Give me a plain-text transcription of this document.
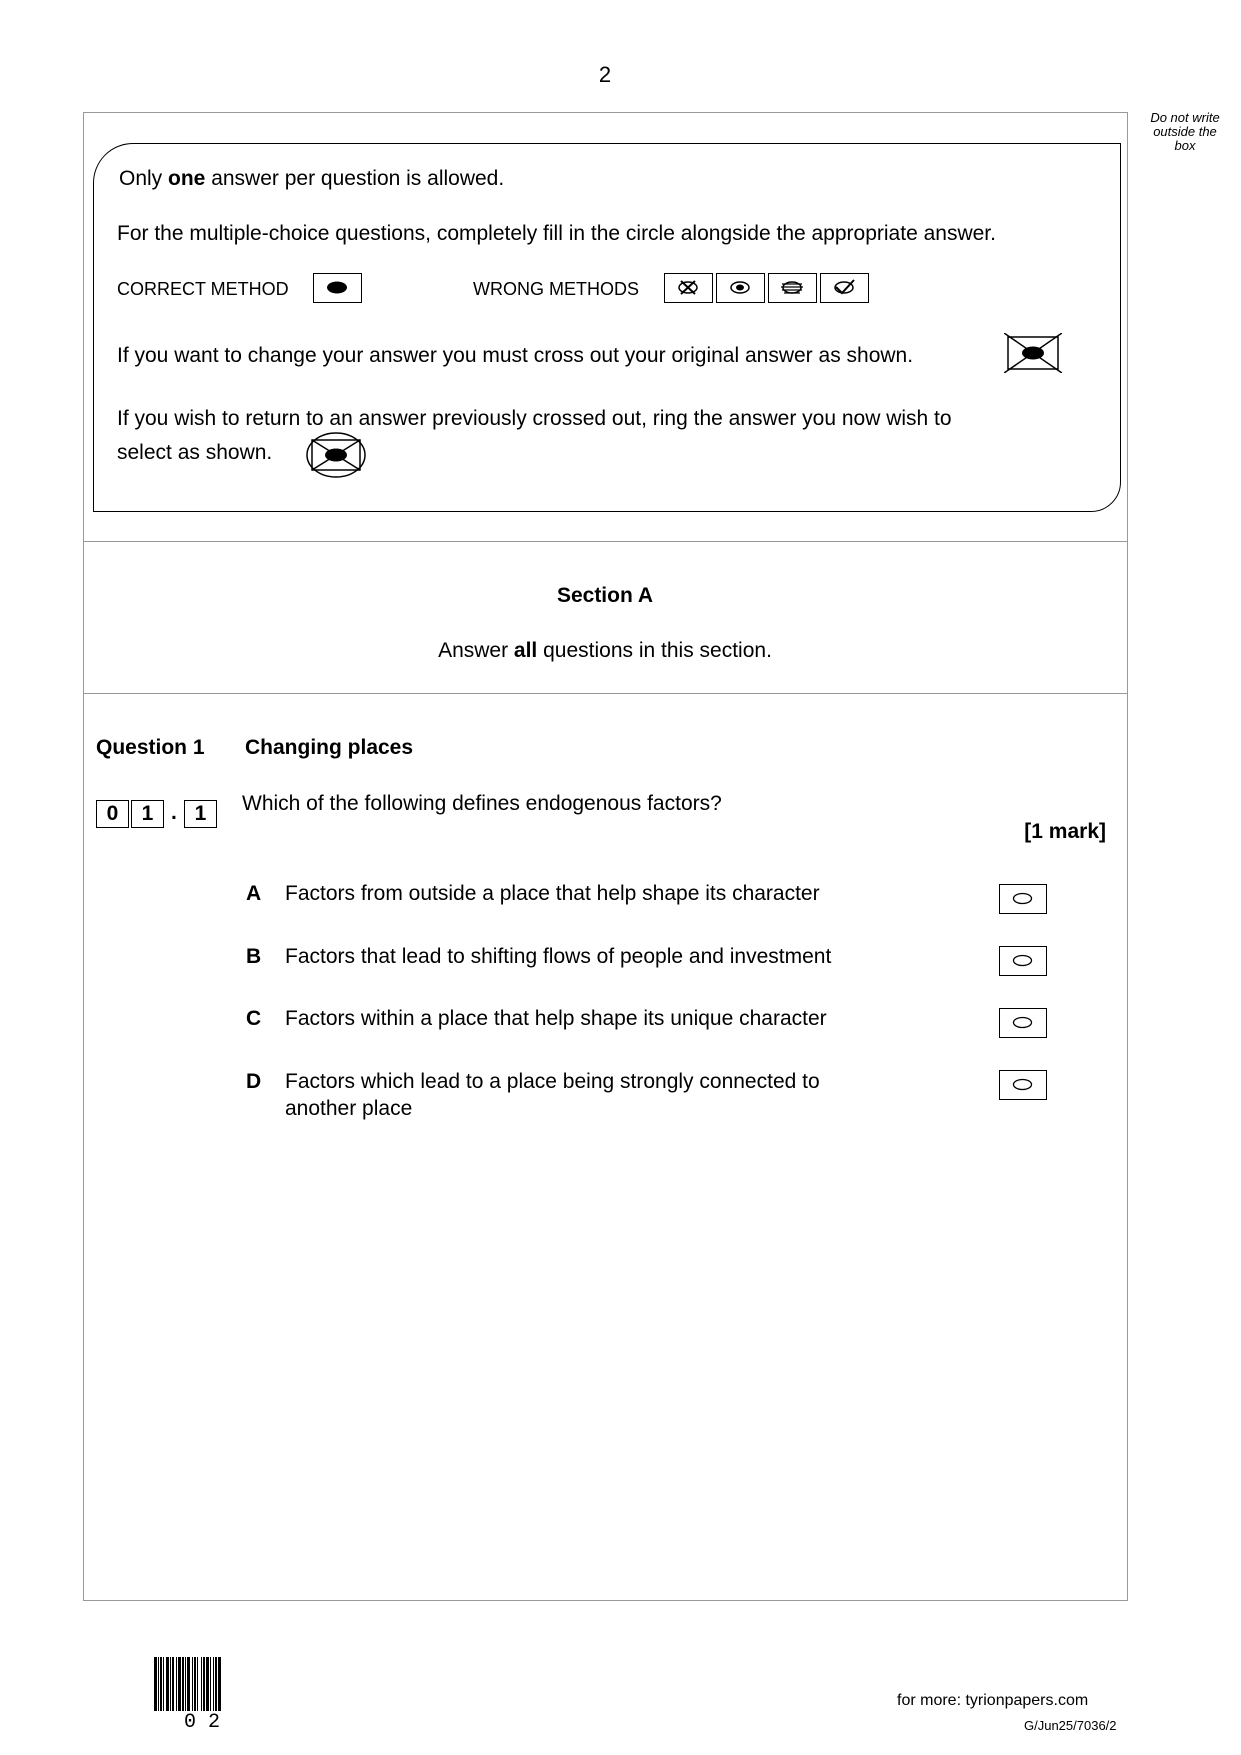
2
Do not write
outside the
box
Only one answer per question is allowed.
For the multiple-choice questions, completely fill in the circle alongside the appropriate answer.
CORRECT METHOD	WRONG METHODS
If you want to change your answer you must cross out your original answer as shown.
If you wish to return to an answer previously crossed out, ring the answer you now wish to
select as shown.
Section A
Answer all questions in this section.
Question 1 Changing places
0	1 . 1	Which of the following defines endogenous factors?
[1 mark]
A Factors from outside a place that help shape its character
B Factors that lead to shifting flows of people and investment
C Factors within a place that help shape its unique character
D Factors which lead to a place being strongly connected to another place
02
for more: tyrionpapers.com
G/Jun25/7036/2
